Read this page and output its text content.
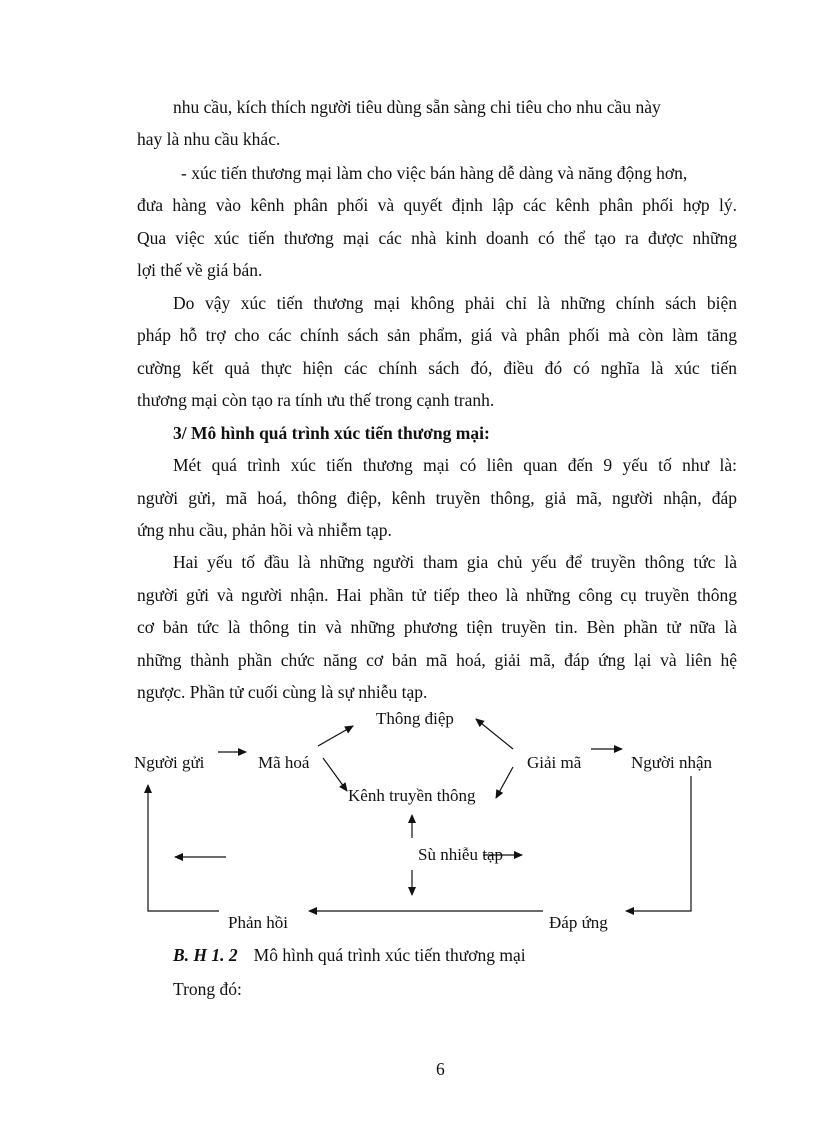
nhu cầu, kích thích người tiêu dùng sẵn sàng chi tiêu cho nhu cầu này
hay là nhu cầu khác.
- xúc tiến thương mại làm cho việc bán hàng dễ dàng và năng động hơn,
đưa hàng vào kênh phân phối và quyết định lập các kênh phân phối hợp lý.
Qua việc xúc tiến thương mại các nhà kinh doanh có thể tạo ra được những
lợi thế về giá bán.
Do vậy xúc tiến thương mại không phải chỉ là những chính sách biện
pháp hỗ trợ cho các chính sách sản phẩm, giá và phân phối mà còn làm tăng
cường kết quả thực hiện các chính sách đó, điều đó có nghĩa là xúc tiến
thương mại còn tạo ra tính ưu thế trong cạnh tranh.
3/ Mô hình quá trình xúc tiến thương mại:
Mét quá trình xúc tiến thương mại có liên quan đến 9 yếu tố như là:
người gửi, mã hoá, thông điệp, kênh truyền thông, giả mã, người nhận, đáp
ứng nhu cầu, phản hồi và nhiễm tạp.
Hai yếu tố đầu là những người tham gia chủ yếu để truyền thông tức là
người gửi và người nhận. Hai phần tử tiếp theo là những công cụ truyền thông
cơ bản tức là thông tin và những phương tiện truyền tin. Bèn phần tử nữa là
những thành phần chức năng cơ bản mã hoá, giải mã, đáp ứng lại và liên hệ
ngược. Phần tử cuối cùng là sự nhiễu tạp.
Thông điệp
Người gửi	Mã hoá	Giải mã	Người nhận
Kênh truyền thông
Sù nhiễu tạp
Phản hồi	Đáp ứng
B. H 1. 2 Mô hình quá trình xúc tiến thương mại
Trong đó:
6
